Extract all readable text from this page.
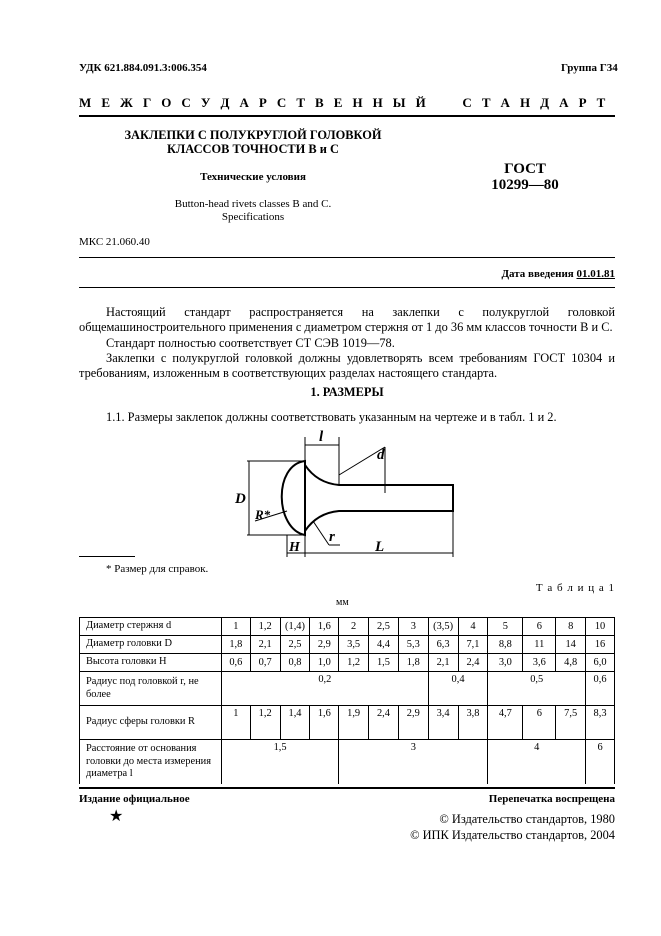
УДК 621.884.091.3:006.354	Группа Г34
М Е Ж Г О С У Д А Р С Т В Е Н Н Ы Й     С Т А Н Д А Р Т
ЗАКЛЕПКИ С ПОЛУКРУГЛОЙ ГОЛОВКОЙ
КЛАССОВ ТОЧНОСТИ В и С
Технические условия
Button-head rivets classes B and C.
Specifications
ГОСТ
10299—80
МКС 21.060.40
Дата введения 01.01.81

Настоящий стандарт распространяется на заклепки с полукруглой головкой общемашиностроительного применения с диаметром стержня от 1 до 36 мм классов точности В и С.

Стандарт полностью соответствует СТ СЭВ 1019—78.

Заклепки с полукруглой головкой должны удовлетворять всем требованиям ГОСТ 10304 и требованиям, изложенным в соответствующих разделах настоящего стандарта.

1. РАЗМЕРЫ
1.1. Размеры заклепок должны соответствовать указанным на чертеже и в табл. 1 и 2.
l
d
D
R*
r
H	L
* Размер для справок.
Т а б л и ц а 1
мм
Диаметр стержня d	1	1,2	(1,4)	1,6	2	2,5	3	(3,5)	4	5	6	8	10
Диаметр головки D	1,8	2,1	2,5	2,9	3,5	4,4	5,3	6,3	7,1	8,8	11	14	16
Высота головки H	0,6	0,7	0,8	1,0	1,2	1,5	1,8	2,1	2,4	3,0	3,6	4,8	6,0
Радиус под головкой r, не более	0,2							0,4		0,5			0,6
Радиус сферы головки R	1	1,2	1,4	1,6	1,9	2,4	2,9	3,4	3,8	4,7	6	7,5	8,3
Расстояние от основания головки до места измерения диаметра l	1,5				3					4			6
Издание официальное	Перепечатка воспрещена
★	© Издательство стандартов, 1980
© ИПК Издательство стандартов, 2004
